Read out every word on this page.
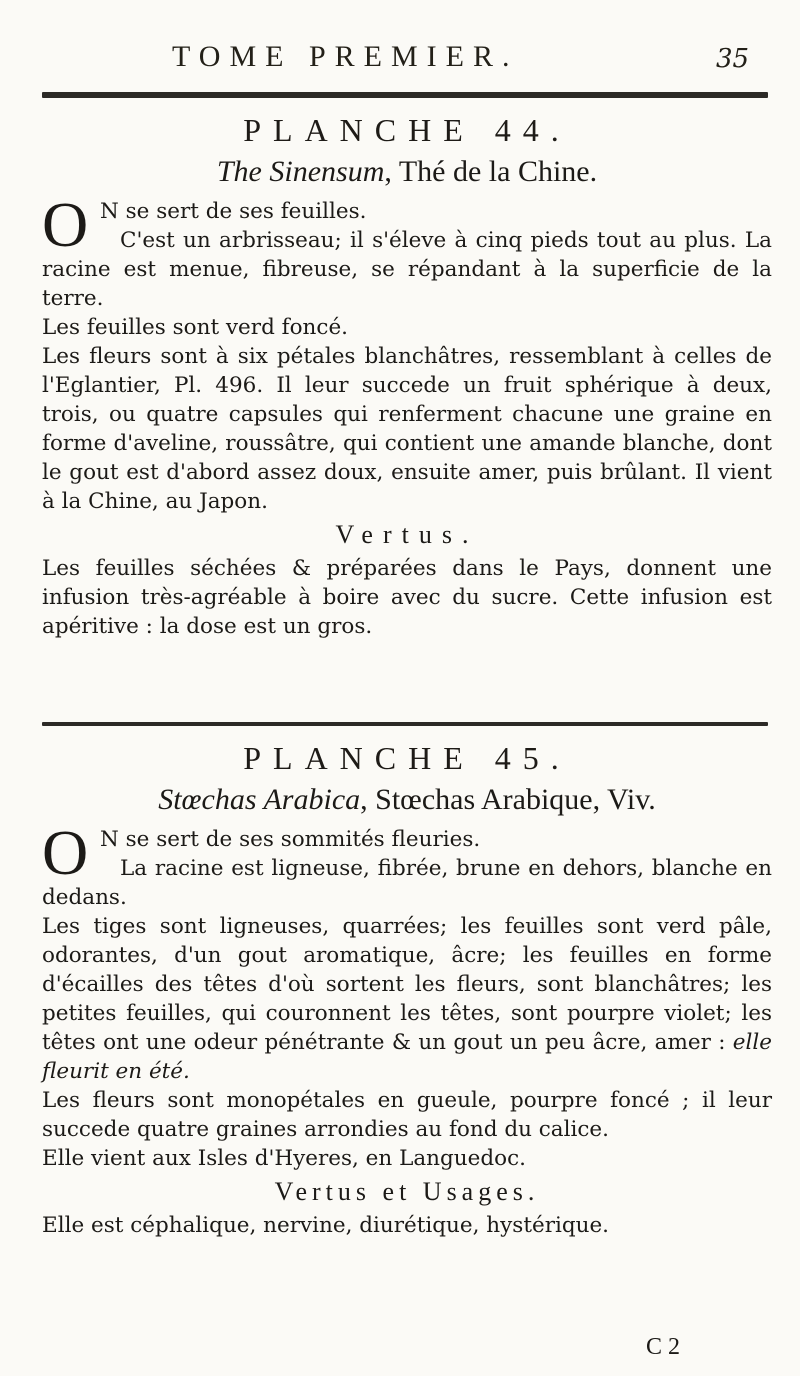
TOME PREMIER.	35
PLANCHE 44.
The Sinensum, Thé de la Chine.
O N se sert de ses feuilles.

C'est un arbrisseau; il s'éleve à cinq pieds tout au plus. La racine est menue, fibreuse, se répandant à la superficie de la terre.

Les feuilles sont verd foncé.

Les fleurs sont à six pétales blanchâtres, ressemblant à celles de l'Eglantier, Pl. 496. Il leur succede un fruit sphérique à deux, trois, ou quatre capsules qui renferment chacune une graine en forme d'aveline, roussâtre, qui contient une amande blanche, dont le gout est d'abord assez doux, ensuite amer, puis brûlant. Il vient à la Chine, au Japon.

Vertus.

Les feuilles séchées & préparées dans le Pays, donnent une infusion très-agréable à boire avec du sucre. Cette infusion est apéritive : la dose est un gros.

PLANCHE 45.
Stœchas Arabica, Stœchas Arabique, Viv.
O N se sert de ses sommités fleuries.

La racine est ligneuse, fibrée, brune en dehors, blanche en dedans.

Les tiges sont ligneuses, quarrées; les feuilles sont verd pâle, odorantes, d'un gout aromatique, âcre; les feuilles en forme d'écailles des têtes d'où sortent les fleurs, sont blanchâtres; les petites feuilles, qui couronnent les têtes, sont pourpre violet; les têtes ont une odeur pénétrante & un gout un peu âcre, amer : elle fleurit en été.

Les fleurs sont monopétales en gueule, pourpre foncé ; il leur succede quatre graines arrondies au fond du calice.

Elle vient aux Isles d'Hyeres, en Languedoc.

Vertus et Usages.

Elle est céphalique, nervine, diurétique, hystérique.

C 2
